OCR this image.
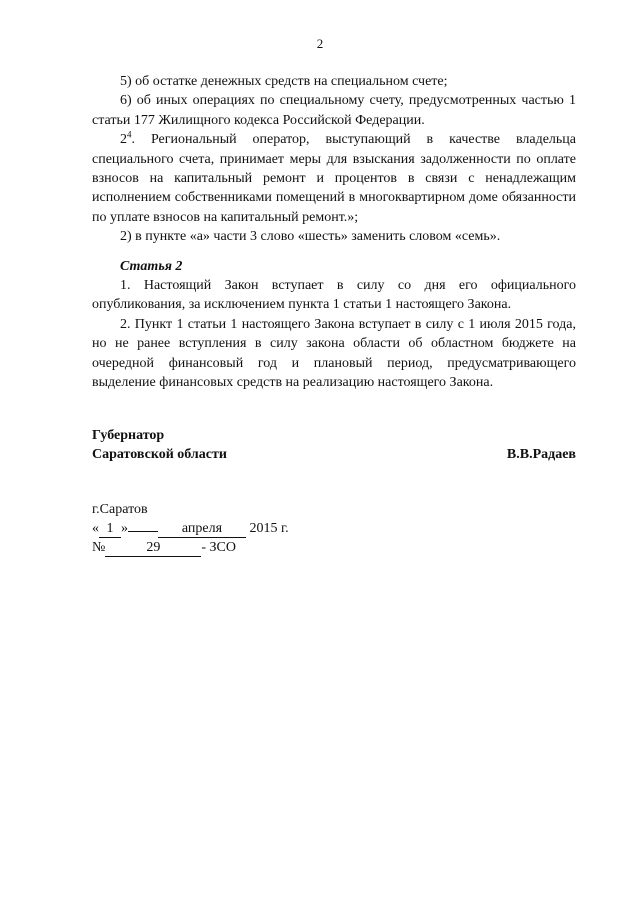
2

5) об остатке денежных средств на специальном счете;

6) об иных операциях по специальному счету, предусмотренных частью 1 статьи 177 Жилищного кодекса Российской Федерации.

$2^4$. Региональный оператор, выступающий в качестве владельца специального счета, принимает меры для взыскания задолженности по оплате взносов на капитальный ремонт и процентов в связи с ненадлежащим исполнением собственниками помещений в многоквартирном доме обязанности по уплате взносов на капитальный ремонт.»;

2) в пункте «а» части 3 слово «шесть» заменить словом «семь».

Статья 2

1. Настоящий Закон вступает в силу со дня его официального опубликования, за исключением пункта 1 статьи 1 настоящего Закона.

2. Пункт 1 статьи 1 настоящего Закона вступает в силу с 1 июля 2015 года, но не ранее вступления в силу закона области об областном бюджете на очередной финансовый год и плановый период, предусматривающего выделение финансовых средств на реализацию настоящего Закона.

Губернатор
Саратовской области	В.В.Радаев
г.Саратов
« 1 »	апреля 2015 г.
№	29	- ЗСО
